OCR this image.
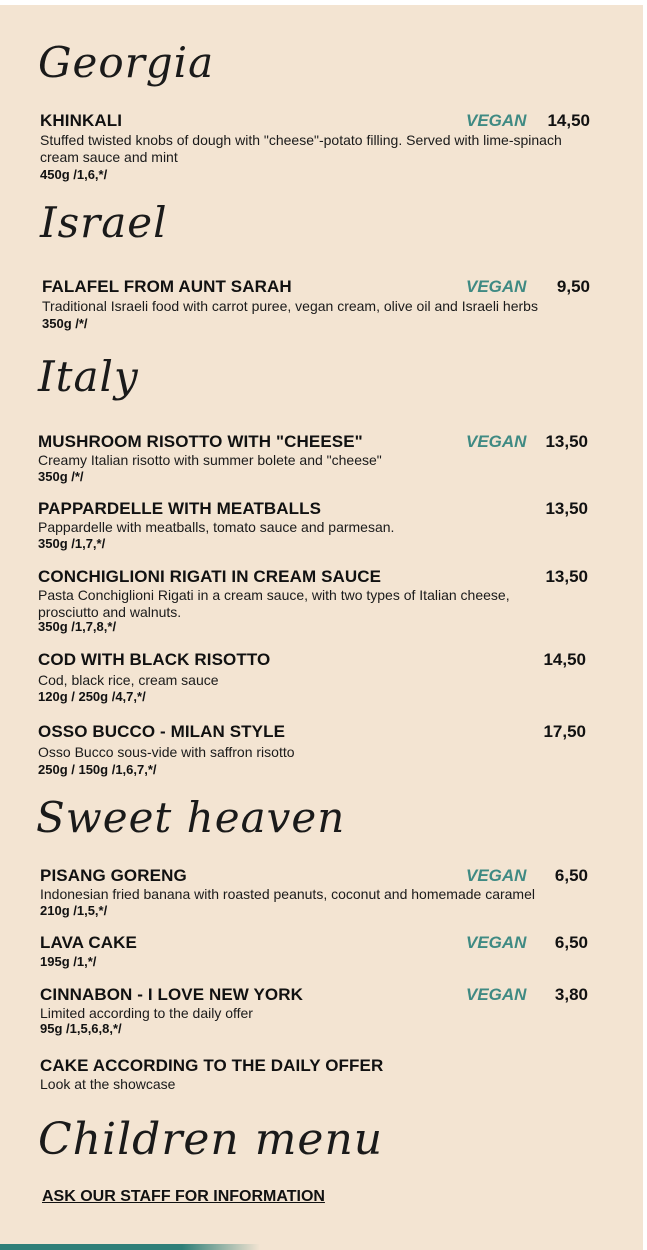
Georgia
KHINKALI	VEGAN	14,50
Stuffed twisted knobs of dough with "cheese"-potato filling. Served with lime-spinach cream sauce and mint
450g /1,6,*/
Israel
FALAFEL FROM AUNT SARAH	VEGAN	9,50
Traditional Israeli food with carrot puree, vegan cream, olive oil and Israeli herbs
350g /*/
Italy
MUSHROOM RISOTTO WITH "CHEESE"	VEGAN	13,50
Creamy Italian risotto with summer bolete and "cheese"
350g /*/
PAPPARDELLE WITH MEATBALLS	13,50
Pappardelle with meatballs, tomato sauce and parmesan.
350g /1,7,*/
CONCHIGLIONI RIGATI IN CREAM SAUCE	13,50
Pasta Conchiglioni Rigati in a cream sauce, with two types of Italian cheese, prosciutto and walnuts.
350g /1,7,8,*/
COD WITH BLACK RISOTTO	14,50
Cod, black rice, cream sauce
120g / 250g /4,7,*/
OSSO BUCCO - MILAN STYLE	17,50
Osso Bucco sous-vide with saffron risotto
250g / 150g /1,6,7,*/
Sweet heaven
PISANG GORENG	VEGAN	6,50
Indonesian fried banana with roasted peanuts, coconut and homemade caramel
210g /1,5,*/
LAVA CAKE	VEGAN	6,50
195g /1,*/
CINNABON - I LOVE NEW YORK	VEGAN	3,80
Limited according to the daily offer
95g /1,5,6,8,*/
CAKE ACCORDING TO THE DAILY OFFER
Look at the showcase
Children menu
ASK OUR STAFF FOR INFORMATION
